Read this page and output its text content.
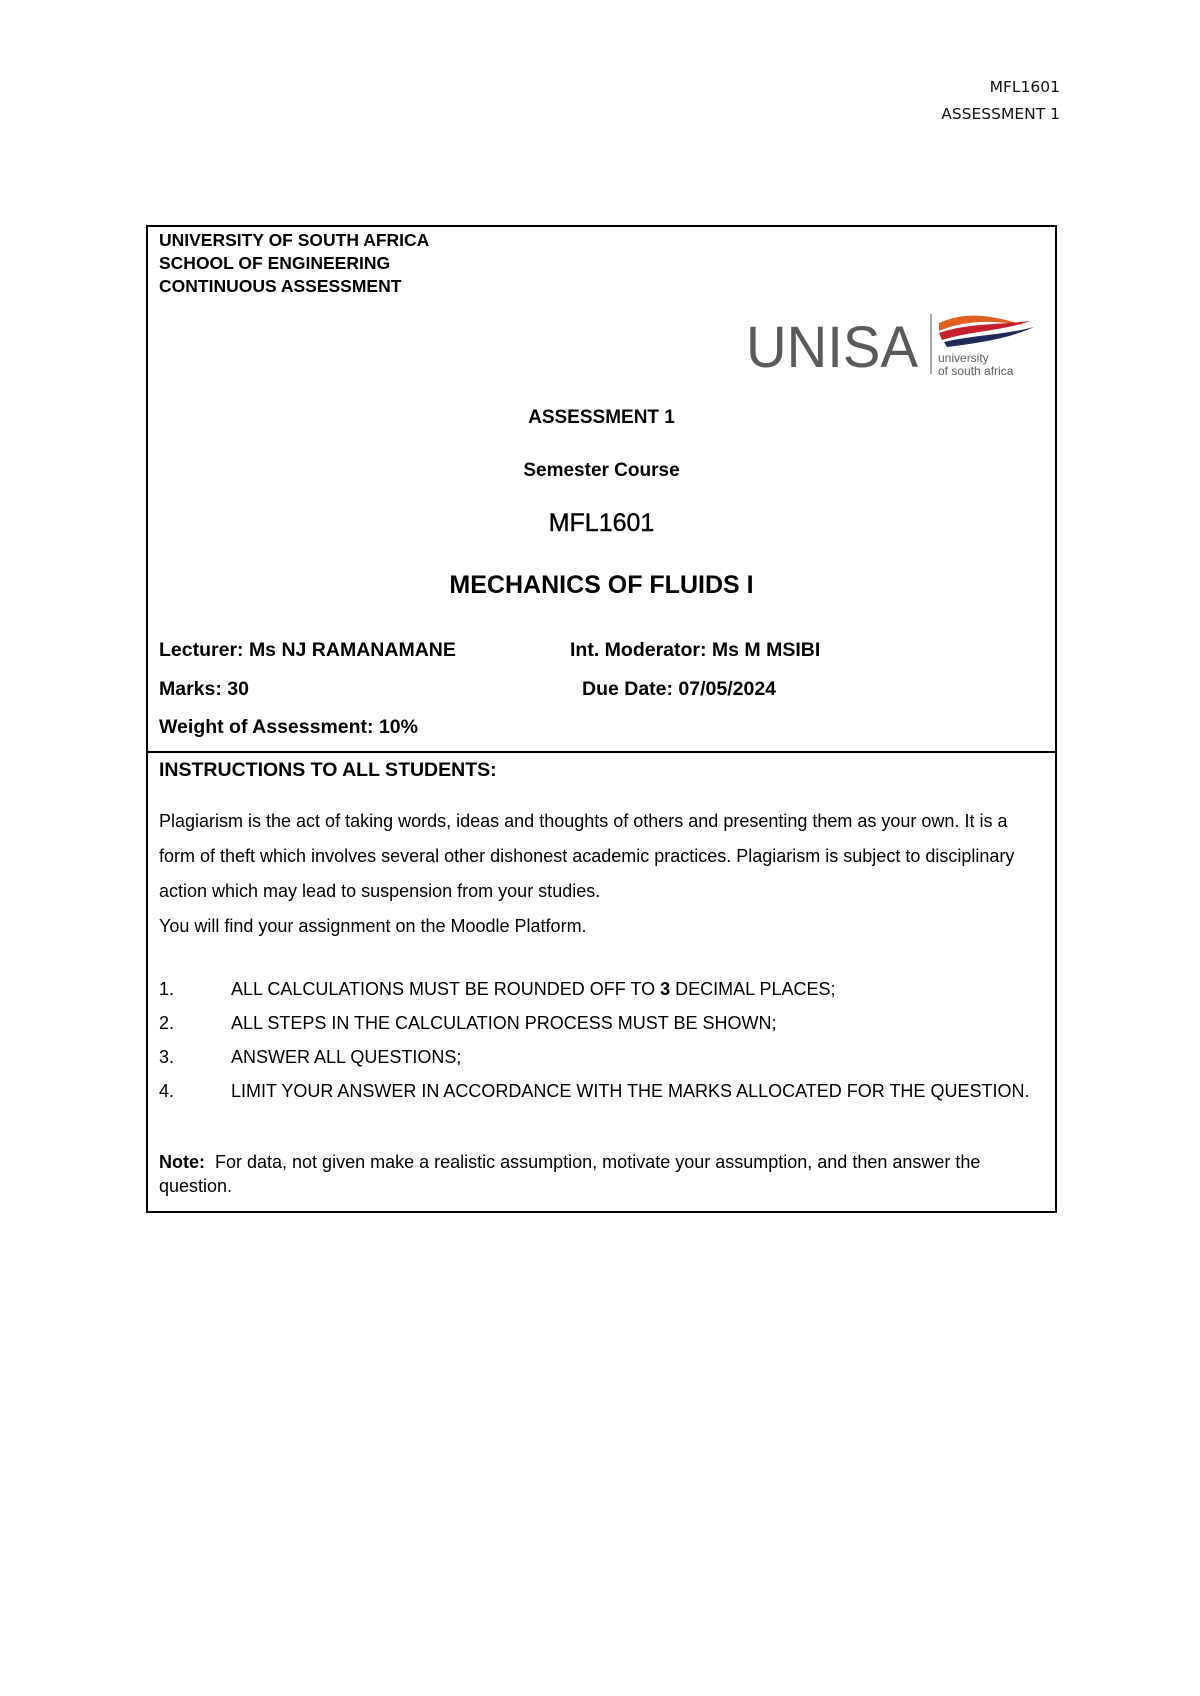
MFL1601
ASSESSMENT 1
UNIVERSITY OF SOUTH AFRICA
SCHOOL OF ENGINEERING
CONTINUOUS ASSESSMENT
UNISA university
of south africa
ASSESSMENT 1
Semester Course
MFL1601
MECHANICS OF FLUIDS I
Lecturer: Ms NJ RAMANAMANE	Int. Moderator: Ms M MSIBI
Marks: 30	Due Date: 07/05/2024
Weight of Assessment: 10%
INSTRUCTIONS TO ALL STUDENTS:
Plagiarism is the act of taking words, ideas and thoughts of others and presenting them as your own. It is a form of theft which involves several other dishonest academic practices. Plagiarism is subject to disciplinary action which may lead to suspension from your studies.
You will find your assignment on the Moodle Platform.
1.	ALL CALCULATIONS MUST BE ROUNDED OFF TO 3 DECIMAL PLACES;
2.	ALL STEPS IN THE CALCULATION PROCESS MUST BE SHOWN;
3.	ANSWER ALL QUESTIONS;
4.	LIMIT YOUR ANSWER IN ACCORDANCE WITH THE MARKS ALLOCATED FOR THE QUESTION.
Note: For data, not given make a realistic assumption, motivate your assumption, and then answer the question.
